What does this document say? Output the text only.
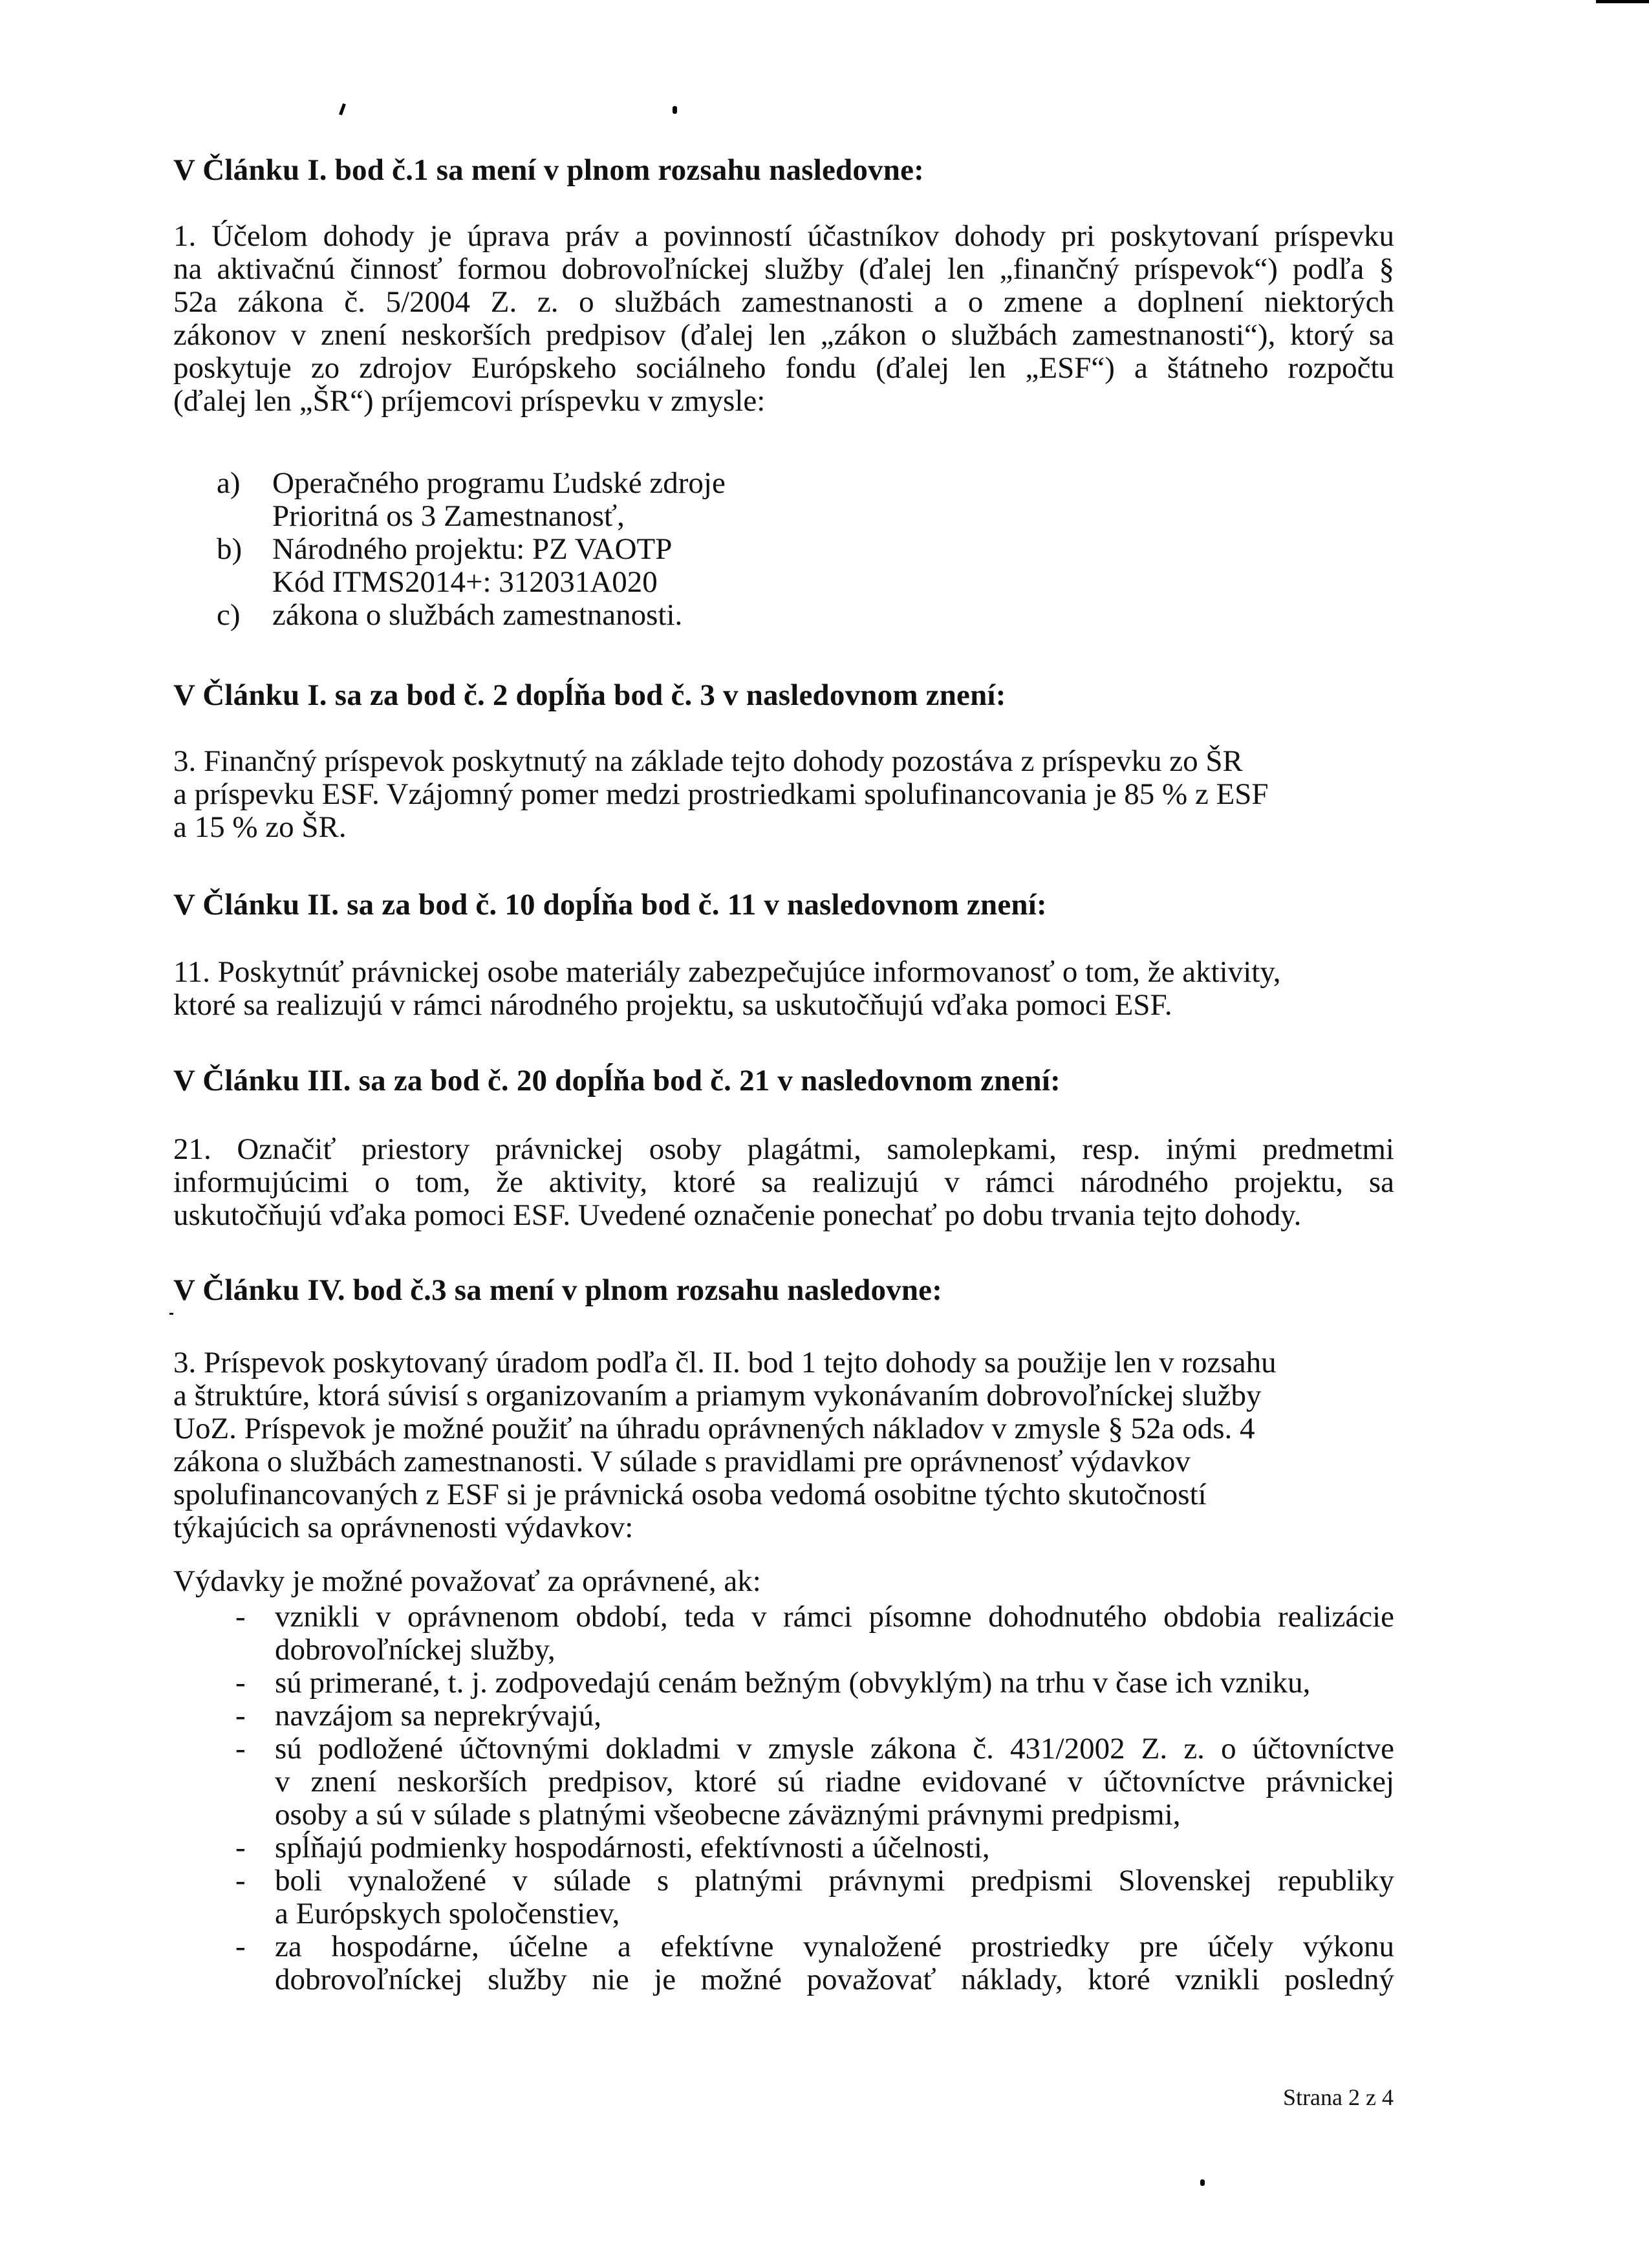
V Článku I. bod č.1 sa mení v plnom rozsahu nasledovne:
1. Účelom dohody je úprava práv a povinností účastníkov dohody pri poskytovaní príspevku
na aktivačnú činnosť formou dobrovoľníckej služby (ďalej len „finančný príspevok“) podľa §
52a zákona č. 5/2004 Z. z. o službách zamestnanosti a o zmene a doplnení niektorých
zákonov v znení neskorších predpisov (ďalej len „zákon o službách zamestnanosti“), ktorý sa
poskytuje zo zdrojov Európskeho sociálneho fondu (ďalej len „ESF“) a štátneho rozpočtu
(ďalej len „ŠR“) príjemcovi príspevku v zmysle:
a) Operačného programu Ľudské zdroje
Prioritná os 3 Zamestnanosť,
b) Národného projektu: PZ VAOTP
Kód ITMS2014+: 312031A020
c) zákona o službách zamestnanosti.
V Článku I. sa za bod č. 2 dopĺňa bod č. 3 v nasledovnom znení:
3. Finančný príspevok poskytnutý na základe tejto dohody pozostáva z príspevku zo ŠR
a príspevku ESF. Vzájomný pomer medzi prostriedkami spolufinancovania je 85 % z ESF
a 15 % zo ŠR.
V Článku II. sa za bod č. 10 dopĺňa bod č. 11 v nasledovnom znení:
11. Poskytnúť právnickej osobe materiály zabezpečujúce informovanosť o tom, že aktivity,
ktoré sa realizujú v rámci národného projektu, sa uskutočňujú vďaka pomoci ESF.
V Článku III. sa za bod č. 20 dopĺňa bod č. 21 v nasledovnom znení:
21. Označiť priestory právnickej osoby plagátmi, samolepkami, resp. inými predmetmi
informujúcimi o tom, že aktivity, ktoré sa realizujú v rámci národného projektu, sa
uskutočňujú vďaka pomoci ESF. Uvedené označenie ponechať po dobu trvania tejto dohody.
V Článku IV. bod č.3 sa mení v plnom rozsahu nasledovne:
3. Príspevok poskytovaný úradom podľa čl. II. bod 1 tejto dohody sa použije len v rozsahu
a štruktúre, ktorá súvisí s organizovaním a priamym vykonávaním dobrovoľníckej služby
UoZ. Príspevok je možné použiť na úhradu oprávnených nákladov v zmysle § 52a ods. 4
zákona o službách zamestnanosti. V súlade s pravidlami pre oprávnenosť výdavkov
spolufinancovaných z ESF si je právnická osoba vedomá osobitne týchto skutočností
týkajúcich sa oprávnenosti výdavkov:
Výdavky je možné považovať za oprávnené, ak:
- vznikli v oprávnenom období, teda v rámci písomne dohodnutého obdobia realizácie
dobrovoľníckej služby,
- sú primerané, t. j. zodpovedajú cenám bežným (obvyklým) na trhu v čase ich vzniku,
- navzájom sa neprekrývajú,
- sú podložené účtovnými dokladmi v zmysle zákona č. 431/2002 Z. z. o účtovníctve
v znení neskorších predpisov, ktoré sú riadne evidované v účtovníctve právnickej
osoby a sú v súlade s platnými všeobecne záväznými právnymi predpismi,
- spĺňajú podmienky hospodárnosti, efektívnosti a účelnosti,
- boli vynaložené v súlade s platnými právnymi predpismi Slovenskej republiky
a Európskych spoločenstiev,
- za hospodárne, účelne a efektívne vynaložené prostriedky pre účely výkonu
dobrovoľníckej služby nie je možné považovať náklady, ktoré vznikli posledný
Strana 2 z 4
